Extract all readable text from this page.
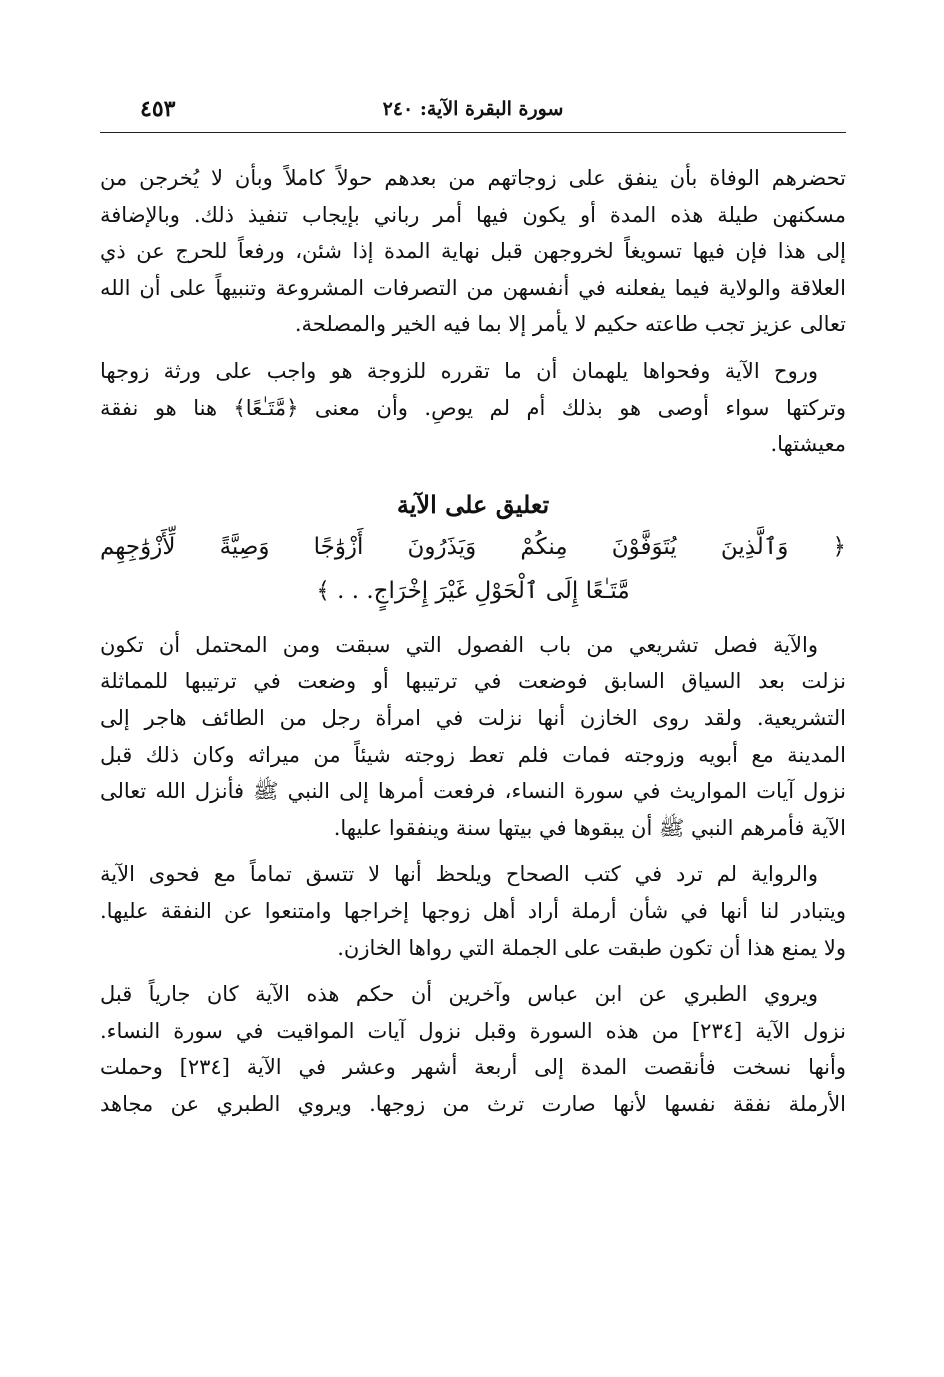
سورة البقرة الآية: ٢٤٠
٤٥٣
تحضرهم الوفاة بأن ينفق على زوجاتهم من بعدهم حولاً كاملاً وبأن لا يُخرجن من
مسكنهن طيلة هذه المدة أو يكون فيها أمر رباني بإيجاب تنفيذ ذلك. وبالإضافة
إلى هذا فإن فيها تسويغاً لخروجهن قبل نهاية المدة إذا شئن، ورفعاً للحرج عن ذي
العلاقة والولاية فيما يفعلنه في أنفسهن من التصرفات المشروعة وتنبيهاً على أن الله
تعالى عزيز تجب طاعته حكيم لا يأمر إلا بما فيه الخير والمصلحة.
وروح الآية وفحواها يلهمان أن ما تقرره للزوجة هو واجب على ورثة زوجها
وتركتها سواء أوصى هو بذلك أم لم يوصِ. وأن معنى ﴿مَّتَـٰعًا﴾ هنا هو نفقة
معيشتها.
تعليق على الآية
﴿ وَٱلَّذِينَ يُتَوَفَّوْنَ مِنكُمْ وَيَذَرُونَ أَزْوَٰجًا وَصِيَّةً لِّأَزْوَٰجِهِم
مَّتَـٰعًا إِلَى ٱلْحَوْلِ غَيْرَ إِخْرَاجٍ. . . ﴾
والآية فصل تشريعي من باب الفصول التي سبقت ومن المحتمل أن تكون
نزلت بعد السياق السابق فوضعت في ترتيبها أو وضعت في ترتيبها للمماثلة
التشريعية. ولقد روى الخازن أنها نزلت في امرأة رجل من الطائف هاجر إلى
المدينة مع أبويه وزوجته فمات فلم تعط زوجته شيئاً من ميراثه وكان ذلك قبل
نزول آيات المواريث في سورة النساء، فرفعت أمرها إلى النبي ﷺ فأنزل الله تعالى
الآية فأمرهم النبي ﷺ أن يبقوها في بيتها سنة وينفقوا عليها.
والرواية لم ترد في كتب الصحاح ويلحظ أنها لا تتسق تماماً مع فحوى الآية
ويتبادر لنا أنها في شأن أرملة أراد أهل زوجها إخراجها وامتنعوا عن النفقة عليها.
ولا يمنع هذا أن تكون طبقت على الجملة التي رواها الخازن.
ويروي الطبري عن ابن عباس وآخرين أن حكم هذه الآية كان جارياً قبل
نزول الآية [٢٣٤] من هذه السورة وقبل نزول آيات المواقيت في سورة النساء.
وأنها نسخت فأنقصت المدة إلى أربعة أشهر وعشر في الآية [٢٣٤] وحملت
الأرملة نفقة نفسها لأنها صارت ترث من زوجها. ويروي الطبري عن مجاهد
